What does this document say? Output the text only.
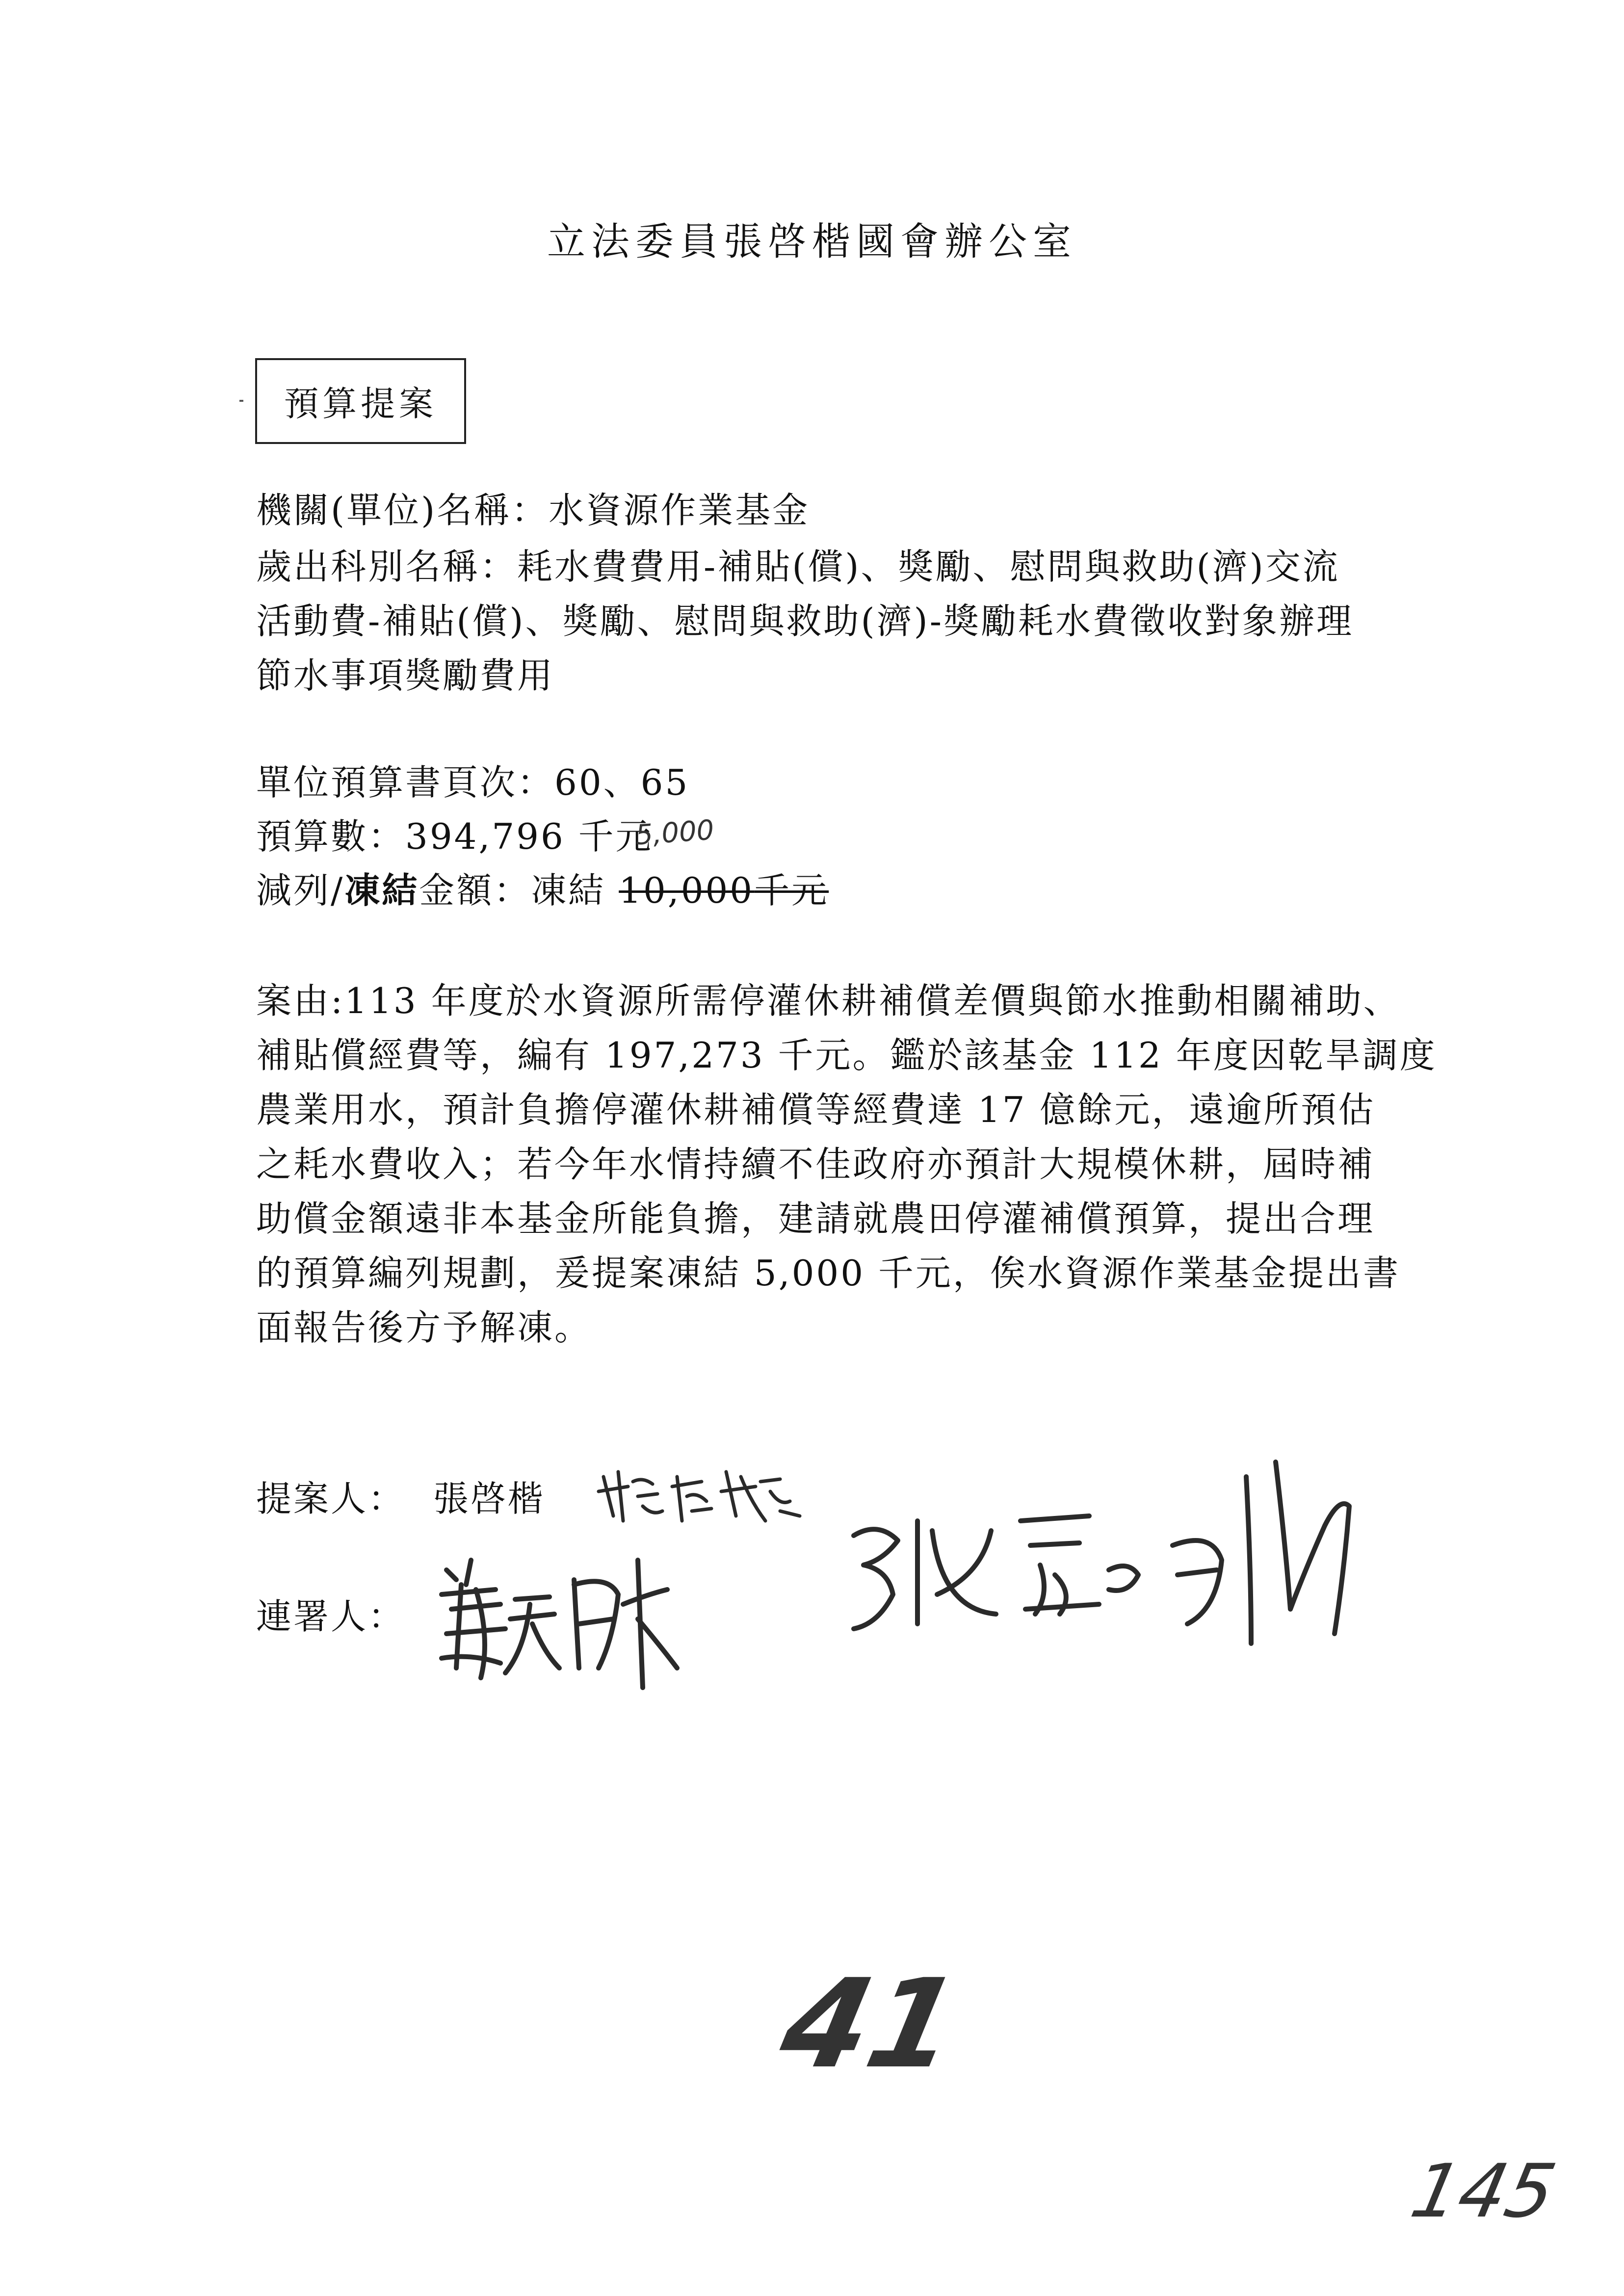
立法委員張啓楷國會辦公室
預算提案
機關(單位)名稱：水資源作業基金
歲出科別名稱：耗水費費用-補貼(償)、獎勵、慰問與救助(濟)交流
活動費-補貼(償)、獎勵、慰問與救助(濟)-獎勵耗水費徵收對象辦理
節水事項獎勵費用
單位預算書頁次：60、65
預算數：394,796 千元
5,000
減列/凍結金額：凍結 10,000千元
案由:113 年度於水資源所需停灌休耕補償差價與節水推動相關補助、
補貼償經費等，編有 197,273 千元。鑑於該基金 112 年度因乾旱調度
農業用水，預計負擔停灌休耕補償等經費達 17 億餘元，遠逾所預估
之耗水費收入；若今年水情持續不佳政府亦預計大規模休耕，屆時補
助償金額遠非本基金所能負擔，建請就農田停灌補償預算，提出合理
的預算編列規劃，爰提案凍結 5,000 千元，俟水資源作業基金提出書
面報告後方予解凍。
提案人： 張啓楷
連署人：
41
145
